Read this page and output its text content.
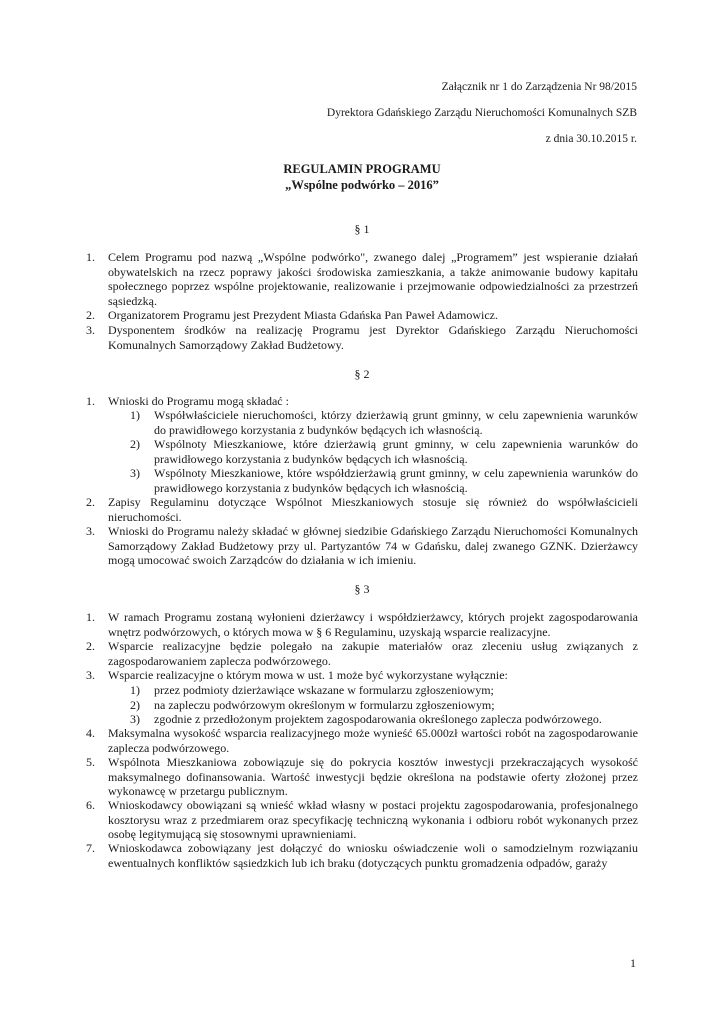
Załącznik nr 1 do Zarządzenia Nr 98/2015
Dyrektora Gdańskiego Zarządu Nieruchomości Komunalnych SZB
z dnia 30.10.2015 r.
REGULAMIN PROGRAMU
„Wspólne podwórko – 2016”
§ 1
1. Celem Programu pod nazwą „Wspólne podwórko", zwanego dalej „Programem” jest wspieranie działań obywatelskich na rzecz poprawy jakości środowiska zamieszkania, a także animowanie budowy kapitału społecznego poprzez wspólne projektowanie, realizowanie i przejmowanie odpowiedzialności za przestrzeń sąsiedzką.
2. Organizatorem Programu jest Prezydent Miasta Gdańska Pan Paweł Adamowicz.
3. Dysponentem środków na realizację Programu jest Dyrektor Gdańskiego Zarządu Nieruchomości Komunalnych Samorządowy Zakład Budżetowy.
§ 2
1. Wnioski do Programu mogą składać :
1) Współwłaściciele nieruchomości, którzy dzierżawią grunt gminny, w celu zapewnienia warunków do prawidłowego korzystania z budynków będących ich własnością.
2) Wspólnoty Mieszkaniowe, które dzierżawią grunt gminny, w celu zapewnienia warunków do prawidłowego korzystania z budynków będących ich własnością.
3) Wspólnoty Mieszkaniowe, które współdzierżawią grunt gminny, w celu zapewnienia warunków do prawidłowego korzystania z budynków będących ich własnością.
2. Zapisy Regulaminu dotyczące Wspólnot Mieszkaniowych stosuje się również do współwłaścicieli nieruchomości.
3. Wnioski do Programu należy składać w głównej siedzibie Gdańskiego Zarządu Nieruchomości Komunalnych Samorządowy Zakład Budżetowy przy ul. Partyzantów 74 w Gdańsku, dalej zwanego GZNK. Dzierżawcy mogą umocować swoich Zarządców do działania w ich imieniu.
§ 3
1. W ramach Programu zostaną wyłonieni dzierżawcy i współdzierżawcy, których projekt zagospodarowania wnętrz podwórzowych, o których mowa w § 6 Regulaminu, uzyskają wsparcie realizacyjne.
2. Wsparcie realizacyjne będzie polegało na zakupie materiałów oraz zleceniu usług związanych z zagospodarowaniem zaplecza podwórzowego.
3. Wsparcie realizacyjne o którym mowa w ust. 1 może być wykorzystane wyłącznie:
1) przez podmioty dzierżawiące wskazane w formularzu zgłoszeniowym;
2) na zapleczu podwórzowym określonym w formularzu zgłoszeniowym;
3) zgodnie z przedłożonym projektem zagospodarowania określonego zaplecza podwórzowego.
4. Maksymalna wysokość wsparcia realizacyjnego może wynieść 65.000zł wartości robót na zagospodarowanie zaplecza podwórzowego.
5. Wspólnota Mieszkaniowa zobowiązuje się do pokrycia kosztów inwestycji przekraczających wysokość maksymalnego dofinansowania. Wartość inwestycji będzie określona na podstawie oferty złożonej przez wykonawcę w przetargu publicznym.
6. Wnioskodawcy obowiązani są wnieść wkład własny w postaci projektu zagospodarowania, profesjonalnego kosztorysu wraz z przedmiarem oraz specyfikację techniczną wykonania i odbioru robót wykonanych przez osobę legitymującą się stosownymi uprawnieniami.
7. Wnioskodawca zobowiązany jest dołączyć do wniosku oświadczenie woli o samodzielnym rozwiązaniu ewentualnych konfliktów sąsiedzkich lub ich braku (dotyczących punktu gromadzenia odpadów, garaży
1
